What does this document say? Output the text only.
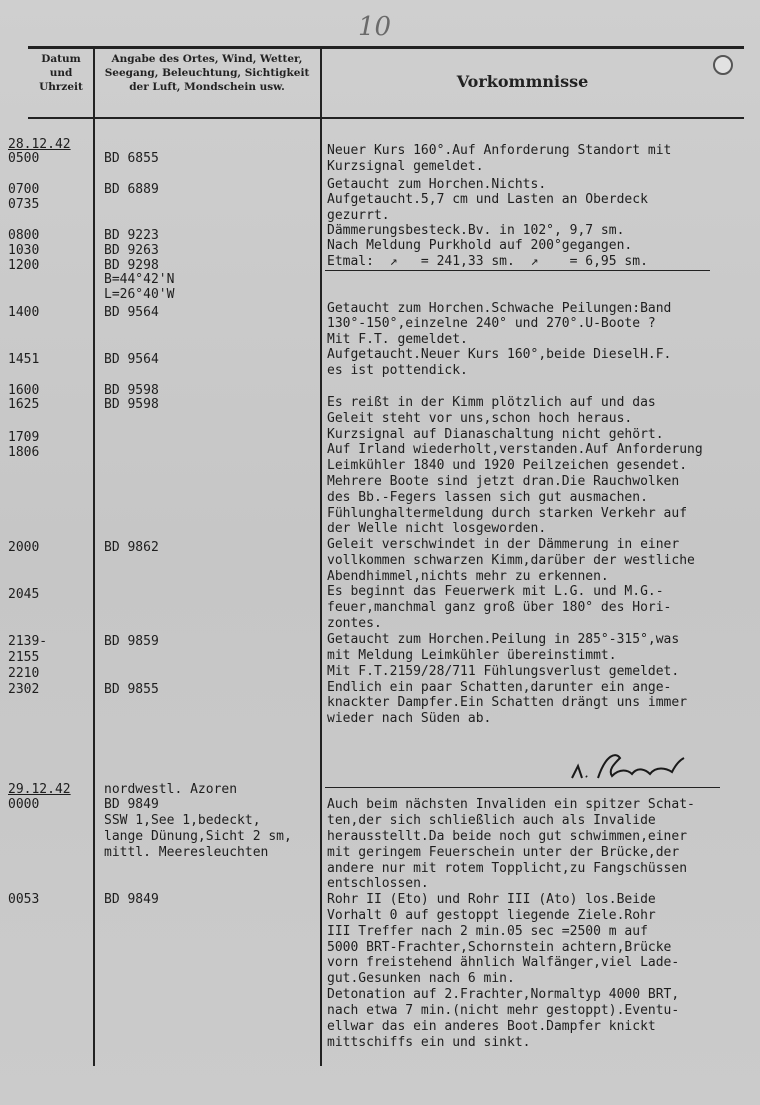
10
Datum
und
Uhrzeit
Angabe des Ortes, Wind, Wetter,
Seegang, Beleuchtung, Sichtigkeit
der Luft, Mondschein usw.	Vorkommnisse
28.12.42
0500
0700
0735
0800
1030
1200
1400
1451
1600
1625
1709
1806
2000
2045
2139-
2155
2210
2302
29.12.42
0000
0053
BD 6855
BD 6889
BD 9223
BD 9263
BD 9298
B=44°42'N
L=26°40'W
BD 9564
BD 9564
BD 9598
BD 9598
BD 9862
BD 9859
BD 9855
nordwestl. Azoren
BD 9849
SSW 1,See 1,bedeckt,
lange Dünung,Sicht 2 sm,
mittl. Meeresleuchten
BD 9849
Neuer Kurs 160°.Auf Anforderung Standort mit
Kurzsignal gemeldet.
Getaucht zum Horchen.Nichts.
Aufgetaucht.5,7 cm und Lasten an Oberdeck
gezurrt.
Dämmerungsbesteck.Bv. in 102°, 9,7 sm.
Nach Meldung Purkhold auf 200°gegangen.
Etmal:  ↗   = 241,33 sm.  ↗    = 6,95 sm.
Getaucht zum Horchen.Schwache Peilungen:Band
130°-150°,einzelne 240° und 270°.U-Boote ?
Mit F.T. gemeldet.
Aufgetaucht.Neuer Kurs 160°,beide DieselH.F.
es ist pottendick.
Es reißt in der Kimm plötzlich auf und das
Geleit steht vor uns,schon hoch heraus.
Kurzsignal auf Dianaschaltung nicht gehört.
Auf Irland wiederholt,verstanden.Auf Anforderung
Leimkühler 1840 und 1920 Peilzeichen gesendet.
Mehrere Boote sind jetzt dran.Die Rauchwolken
des Bb.-Fegers lassen sich gut ausmachen.
Fühlunghaltermeldung durch starken Verkehr auf
der Welle nicht losgeworden.
Geleit verschwindet in der Dämmerung in einer
vollkommen schwarzen Kimm,darüber der westliche
Abendhimmel,nichts mehr zu erkennen.
Es beginnt das Feuerwerk mit L.G. und M.G.-
feuer,manchmal ganz groß über 180° des Hori-
zontes.
Getaucht zum Horchen.Peilung in 285°-315°,was
mit Meldung Leimkühler übereinstimmt.
Mit F.T.2159/28/711 Fühlungsverlust gemeldet.
Endlich ein paar Schatten,darunter ein ange-
knackter Dampfer.Ein Schatten drängt uns immer
wieder nach Süden ab.
Auch beim nächsten Invaliden ein spitzer Schat-
ten,der sich schließlich auch als Invalide
herausstellt.Da beide noch gut schwimmen,einer
mit geringem Feuerschein unter der Brücke,der
andere nur mit rotem Topplicht,zu Fangschüssen
entschlossen.
Rohr II (Eto) und Rohr III (Ato) los.Beide
Vorhalt 0 auf gestoppt liegende Ziele.Rohr
III Treffer nach 2 min.05 sec =2500 m auf
5000 BRT-Frachter,Schornstein achtern,Brücke
vorn freistehend ähnlich Walfänger,viel Lade-
gut.Gesunken nach 6 min.
Detonation auf 2.Frachter,Normaltyp 4000 BRT,
nach etwa 7 min.(nicht mehr gestoppt).Eventu-
ellwar das ein anderes Boot.Dampfer knickt
mittschiffs ein und sinkt.
